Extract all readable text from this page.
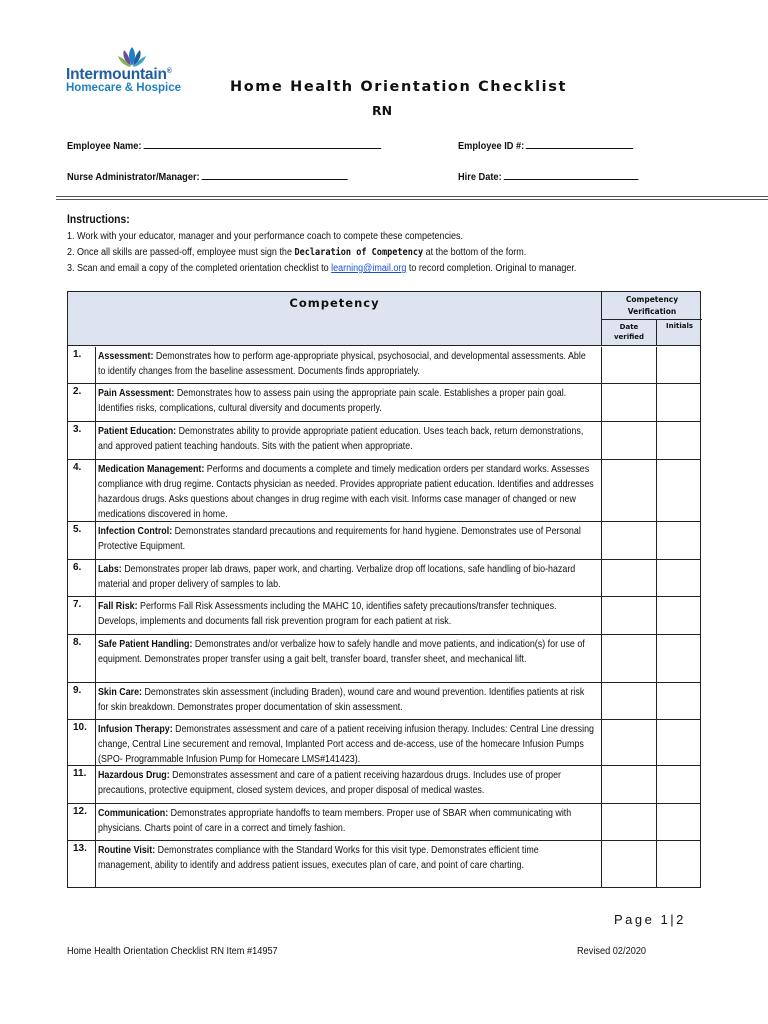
Intermountain®
Homecare & Hospice	Home Health Orientation Checklist
RN
Employee Name:	Employee ID #:
Nurse Administrator/Manager:	Hire Date:
Instructions:
1. Work with your educator, manager and your performance coach to compete these competencies.
2. Once all skills are passed-off, employee must sign the Declaration of Competency at the bottom of the form.
3. Scan and email a copy of the completed orientation checklist to learning@imail.org to record completion. Original to manager.
Competency	Competency
Verification
Date
verified
Initials
1.	Assessment: Demonstrates how to perform age-appropriate physical, psychosocial, and developmental assessments. Able to identify changes from the baseline assessment. Documents finds appropriately.

2.	Pain Assessment: Demonstrates how to assess pain using the appropriate pain scale. Establishes a proper pain goal. Identifies risks, complications, cultural diversity and documents properly.

3.	Patient Education: Demonstrates ability to provide appropriate patient education. Uses teach back, return demonstrations, and approved patient teaching handouts. Sits with the patient when appropriate.

4.	Medication Management: Performs and documents a complete and timely medication orders per standard works. Assesses compliance with drug regime. Contacts physician as needed. Provides appropriate patient education. Identifies and addresses hazardous drugs. Asks questions about changes in drug regime with each visit. Informs case manager of changed or new medications discovered in home.

5.	Infection Control: Demonstrates standard precautions and requirements for hand hygiene. Demonstrates use of Personal Protective Equipment.

6.	Labs: Demonstrates proper lab draws, paper work, and charting. Verbalize drop off locations, safe handling of bio-hazard material and proper delivery of samples to lab.

7.	Fall Risk: Performs Fall Risk Assessments including the MAHC 10, identifies safety precautions/transfer techniques. Develops, implements and documents fall risk prevention program for each patient at risk.

8.	Safe Patient Handling: Demonstrates and/or verbalize how to safely handle and move patients, and indication(s) for use of equipment. Demonstrates proper transfer using a gait belt, transfer board, transfer sheet, and mechanical lift.

9.	Skin Care: Demonstrates skin assessment (including Braden), wound care and wound prevention. Identifies patients at risk for skin breakdown. Demonstrates proper documentation of skin assessment.

10.	Infusion Therapy: Demonstrates assessment and care of a patient receiving infusion therapy. Includes: Central Line dressing change, Central Line securement and removal, Implanted Port access and de-access, use of the homecare Infusion Pumps (SPO- Programmable Infusion Pump for Homecare LMS#141423).

11.	Hazardous Drug: Demonstrates assessment and care of a patient receiving hazardous drugs. Includes use of proper precautions, protective equipment, closed system devices, and proper disposal of medical wastes.

12.	Communication: Demonstrates appropriate handoffs to team members. Proper use of SBAR when communicating with physicians. Charts point of care in a correct and timely fashion.

13.	Routine Visit: Demonstrates compliance with the Standard Works for this visit type. Demonstrates efficient time management, ability to identify and address patient issues, executes plan of care, and point of care charting.

Page 1|2
Home Health Orientation Checklist RN Item #14957	Revised 02/2020
